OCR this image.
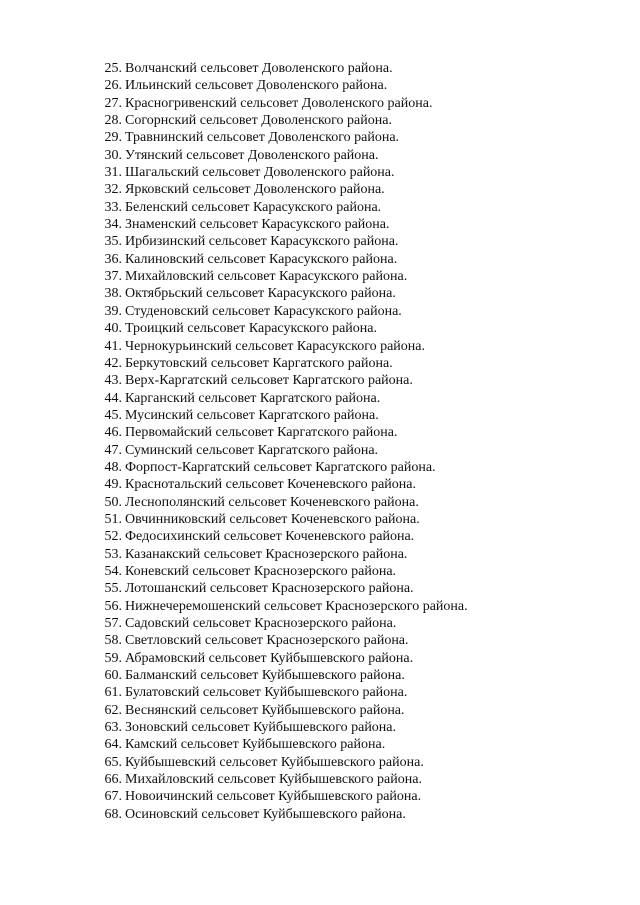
25. Волчанский сельсовет Доволенского района.
26. Ильинский сельсовет Доволенского района.
27. Красногривенский сельсовет Доволенского района.
28. Согорнский сельсовет Доволенского района.
29. Травнинский сельсовет Доволенского района.
30. Утянский сельсовет Доволенского района.
31. Шагальский сельсовет Доволенского района.
32. Ярковский сельсовет Доволенского района.
33. Беленский сельсовет Карасукского района.
34. Знаменский сельсовет Карасукского района.
35. Ирбизинский сельсовет Карасукского района.
36. Калиновский сельсовет Карасукского района.
37. Михайловский сельсовет Карасукского района.
38. Октябрьский сельсовет Карасукского района.
39. Студеновский сельсовет Карасукского района.
40. Троицкий сельсовет Карасукского района.
41. Чернокурьинский сельсовет Карасукского района.
42. Беркутовский сельсовет Каргатского района.
43. Верх-Каргатский сельсовет Каргатского района.
44. Карганский сельсовет Каргатского района.
45. Мусинский сельсовет Каргатского района.
46. Первомайский сельсовет Каргатского района.
47. Суминский сельсовет Каргатского района.
48. Форпост-Каргатский сельсовет Каргатского района.
49. Краснотальский сельсовет Коченевского района.
50. Леснополянский сельсовет Коченевского района.
51. Овчинниковский сельсовет Коченевского района.
52. Федосихинский сельсовет Коченевского района.
53. Казанакский сельсовет Краснозерского района.
54. Коневский сельсовет Краснозерского района.
55. Лотошанский сельсовет Краснозерского района.
56. Нижнечеремошенский сельсовет Краснозерского района.
57. Садовский сельсовет Краснозерского района.
58. Светловский сельсовет Краснозерского района.
59. Абрамовский сельсовет Куйбышевского района.
60. Балманский сельсовет Куйбышевского района.
61. Булатовский сельсовет Куйбышевского района.
62. Веснянский сельсовет Куйбышевского района.
63. Зоновский сельсовет Куйбышевского района.
64. Камский сельсовет Куйбышевского района.
65. Куйбышевский сельсовет Куйбышевского района.
66. Михайловский сельсовет Куйбышевского района.
67. Новоичинский сельсовет Куйбышевского района.
68. Осиновский сельсовет Куйбышевского района.
